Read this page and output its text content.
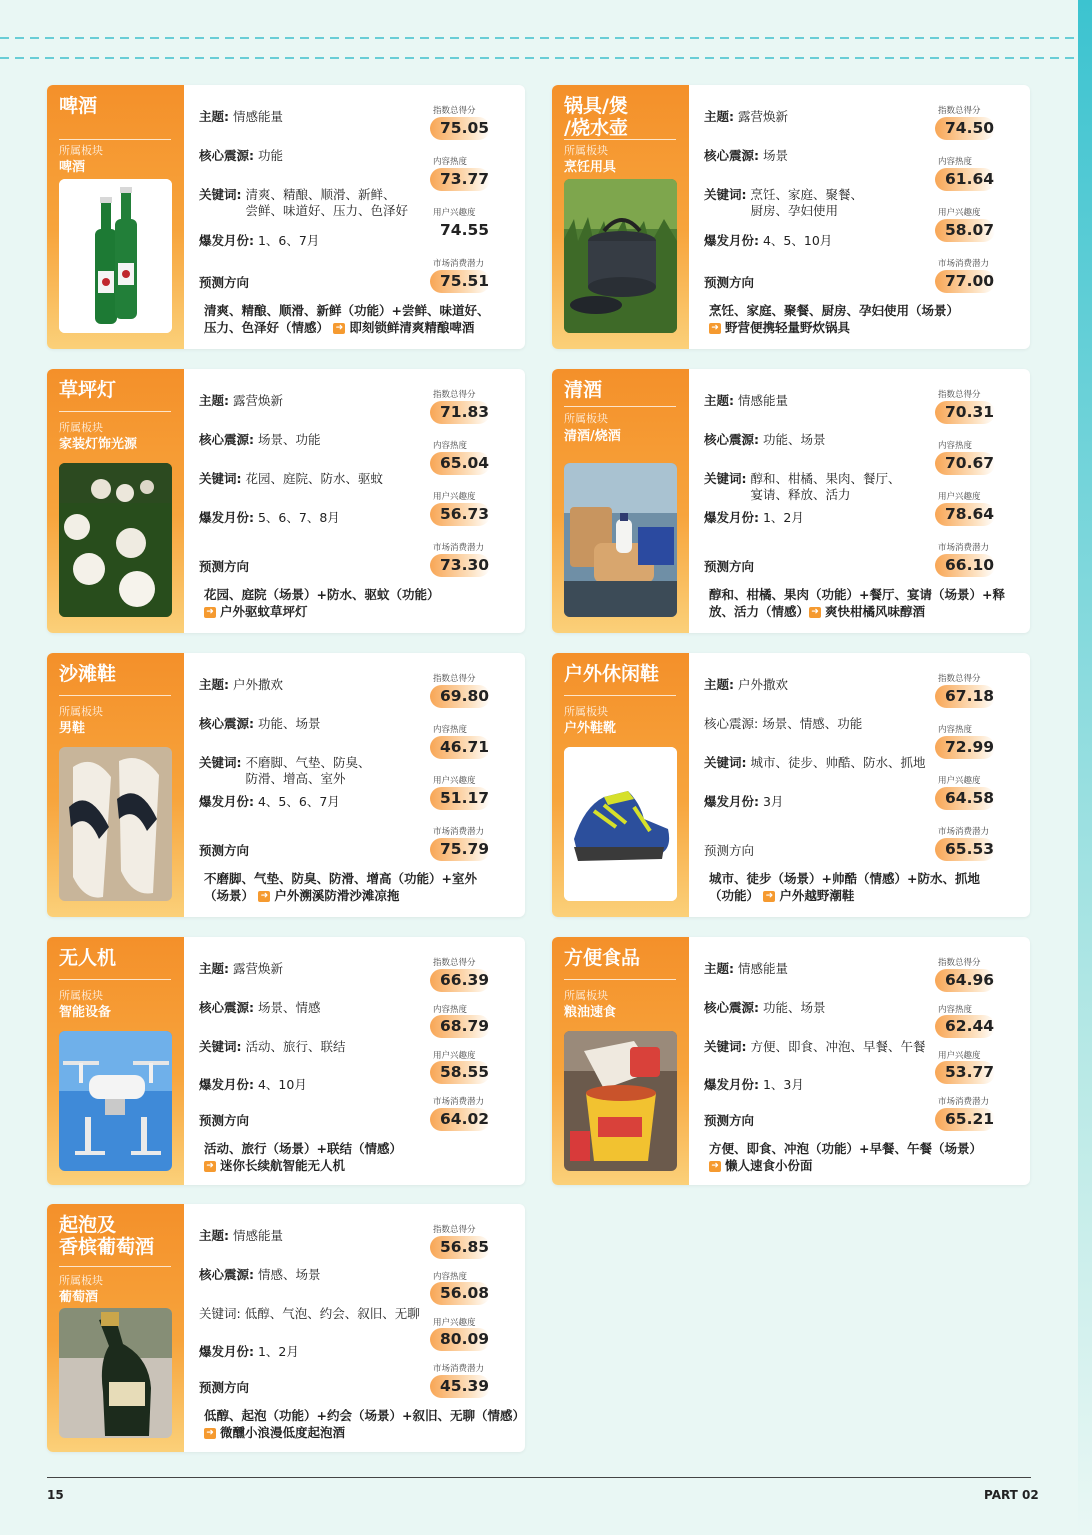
啤酒
所属板块
啤酒
主题: 情感能量
核心震源: 功能
关键词: 清爽、精酿、顺滑、新鲜、
尝鲜、味道好、压力、色泽好
爆发月份: 1、6、7月
预测方向
指数总得分
75.05
内容热度
73.77
用户兴趣度
74.55
市场消费潜力
75.51
清爽、精酿、顺滑、新鲜（功能）+尝鲜、味道好、
压力、色泽好（情感） ➜ 即刻锁鲜清爽精酿啤酒
锅具/煲
/烧水壶
所属板块
烹饪用具
主题: 露营焕新
核心震源: 场景
关键词: 烹饪、家庭、聚餐、
厨房、孕妇使用
爆发月份: 4、5、10月
预测方向
指数总得分
74.50
内容热度
61.64
用户兴趣度
58.07
市场消费潜力
77.00
烹饪、家庭、聚餐、厨房、孕妇使用（场景）
➜ 野营便携轻量野炊锅具
草坪灯
所属板块
家装灯饰光源
主题: 露营焕新
核心震源: 场景、功能
关键词: 花园、庭院、防水、驱蚊
爆发月份: 5、6、7、8月
预测方向
指数总得分
71.83
内容热度
65.04
用户兴趣度
56.73
市场消费潜力
73.30
花园、庭院（场景）+防水、驱蚊（功能）
➜ 户外驱蚊草坪灯
清酒
所属板块
清酒/烧酒
主题: 情感能量
核心震源: 功能、场景
关键词: 醇和、柑橘、果肉、餐厅、
宴请、释放、活力
爆发月份: 1、2月
预测方向
指数总得分
70.31
内容热度
70.67
用户兴趣度
78.64
市场消费潜力
66.10
醇和、柑橘、果肉（功能）+餐厅、宴请（场景）+释
放、活力（情感） ➜ 爽快柑橘风味醇酒
沙滩鞋
所属板块
男鞋
主题: 户外撒欢
核心震源: 功能、场景
关键词: 不磨脚、气垫、防臭、
防滑、增高、室外
爆发月份: 4、5、6、7月
预测方向
指数总得分
69.80
内容热度
46.71
用户兴趣度
51.17
市场消费潜力
75.79
不磨脚、气垫、防臭、防滑、增高（功能）+室外
（场景） ➜ 户外溯溪防滑沙滩凉拖
户外休闲鞋
所属板块
户外鞋靴
主题: 户外撒欢
核心震源: 场景、情感、功能
关键词: 城市、徒步、帅酷、防水、抓地
爆发月份: 3月
预测方向
指数总得分
67.18
内容热度
72.99
用户兴趣度
64.58
市场消费潜力
65.53
城市、徒步（场景）+帅酷（情感）+防水、抓地
（功能） ➜ 户外越野潮鞋
无人机
所属板块
智能设备
主题: 露营焕新
核心震源: 场景、情感
关键词: 活动、旅行、联结
爆发月份: 4、10月
预测方向
指数总得分
66.39
内容热度
68.79
用户兴趣度
58.55
市场消费潜力
64.02
活动、旅行（场景）+联结（情感）
➜ 迷你长续航智能无人机
方便食品
所属板块
粮油速食
主题: 情感能量
核心震源: 功能、场景
关键词: 方便、即食、冲泡、早餐、午餐
爆发月份: 1、3月
预测方向
指数总得分
64.96
内容热度
62.44
用户兴趣度
53.77
市场消费潜力
65.21
方便、即食、冲泡（功能）+早餐、午餐（场景）
➜ 懒人速食小份面
起泡及
香槟葡萄酒
所属板块
葡萄酒
主题: 情感能量
核心震源: 情感、场景
关键词: 低醇、气泡、约会、叙旧、无聊
爆发月份: 1、2月
预测方向
指数总得分
56.85
内容热度
56.08
用户兴趣度
80.09
市场消费潜力
45.39
低醇、起泡（功能）+约会（场景）+叙旧、无聊（情感）
➜ 微醺小浪漫低度起泡酒
15	PART 02
